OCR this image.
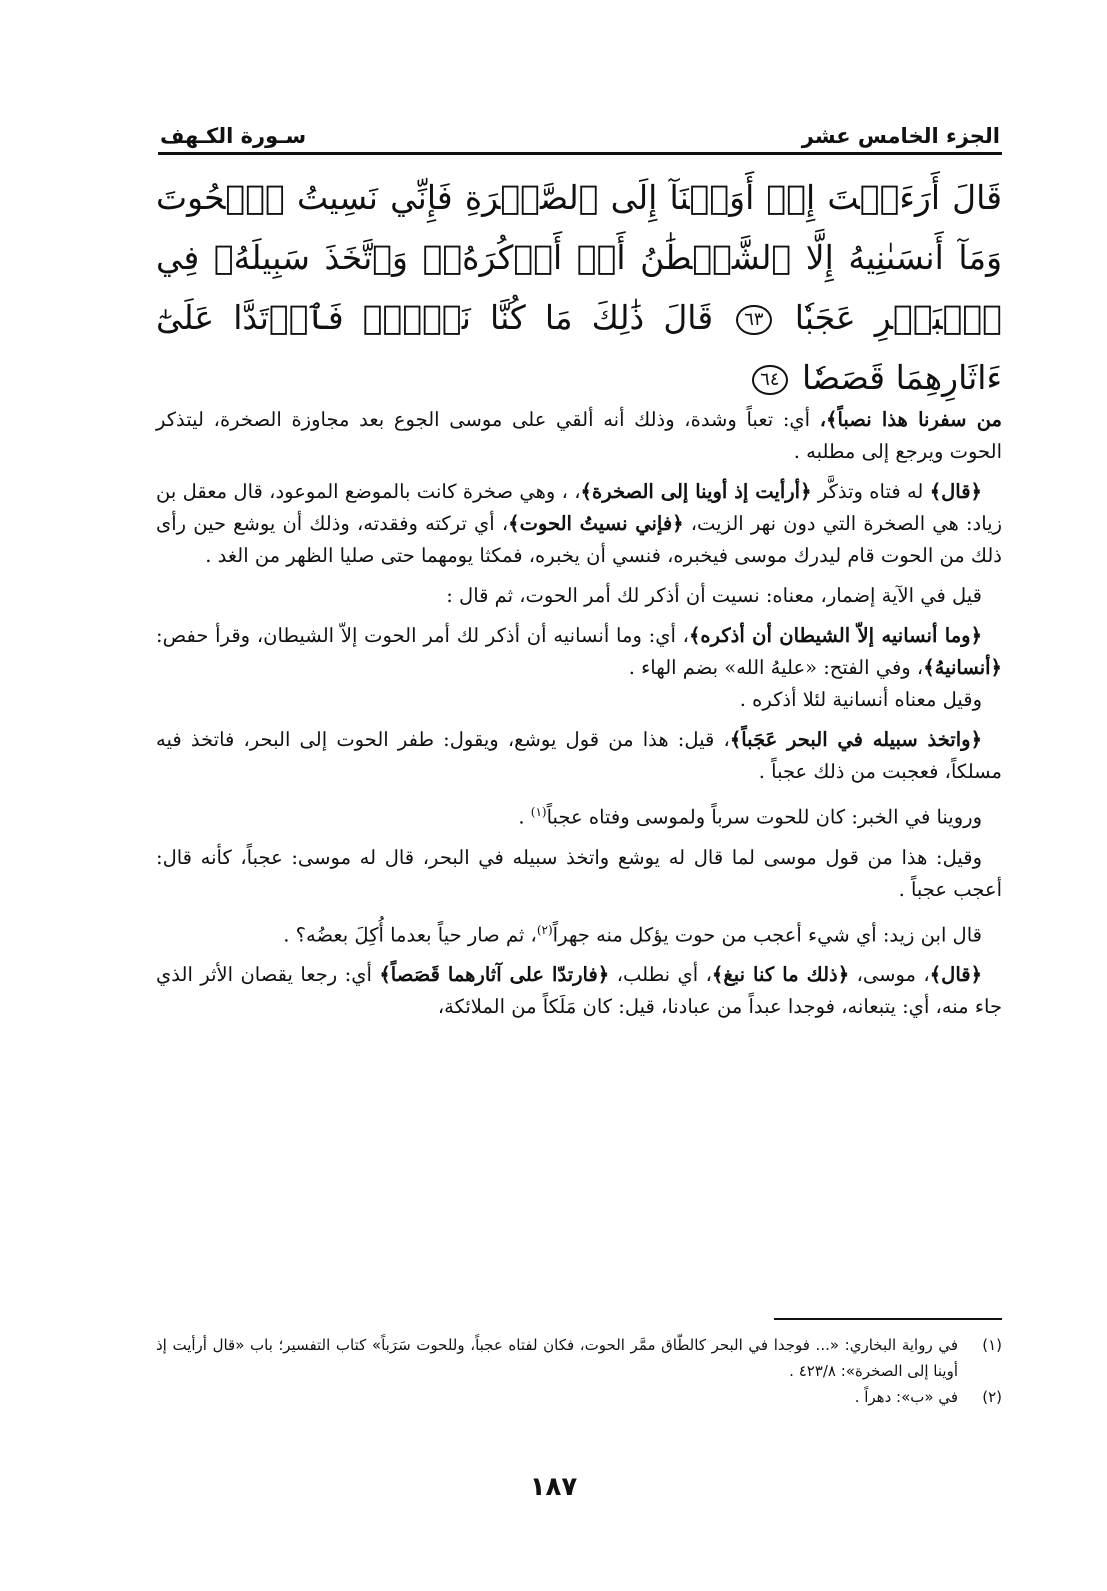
الجزء الخامس عشر
سـورة الكـهف
قَالَ أَرَءَيۡتَ إِذۡ أَوَيۡنَآ إِلَى ٱلصَّخۡرَةِ فَإِنِّي نَسِيتُ ٱلۡحُوتَ وَمَآ أَنسَىٰنِيهُ إِلَّا ٱلشَّيۡطَٰنُ أَنۡ أَذۡكُرَهُۥۚ وَٱتَّخَذَ سَبِيلَهُۥ فِي ٱلۡبَحۡرِ عَجَبٗا ٦٣ قَالَ ذَٰلِكَ مَا كُنَّا نَبۡغِۚ فَٱرۡتَدَّا عَلَىٰٓ ءَاثَارِهِمَا قَصَصٗا ٦٤

من سفرنا هذا نصباً﴾، أي: تعباً وشدة، وذلك أنه ألقي على موسى الجوع بعد مجاوزة الصخرة، ليتذكر الحوت ويرجع إلى مطلبه .

﴿قال﴾ له فتاه وتذكَّر ﴿أرأيت إذ أوينا إلى الصخرة﴾، ، وهي صخرة كانت بالموضع الموعود، قال معقل بن زياد: هي الصخرة التي دون نهر الزيت، ﴿فإني نسيتُ الحوت﴾، أي تركته وفقدته، وذلك أن يوشع حين رأى ذلك من الحوت قام ليدرك موسى فيخبره، فنسي أن يخبره، فمكثا يومهما حتى صليا الظهر من الغد .

قيل في الآية إضمار، معناه: نسيت أن أذكر لك أمر الحوت، ثم قال :

﴿وما أنسانيه إلاّ الشيطان أن أذكره﴾، أي: وما أنسانيه أن أذكر لك أمر الحوت إلاّ الشيطان، وقرأ حفص: ﴿أنسانيهُ﴾، وفي الفتح: «عليهُ الله» بضم الهاء .

وقيل معناه أنسانية لئلا أذكره .

﴿واتخذ سبيله في البحر عَجَباً﴾، قيل: هذا من قول يوشع، ويقول: طفر الحوت إلى البحر، فاتخذ فيه مسلكاً، فعجبت من ذلك عجباً .

وروينا في الخبر: كان للحوت سرباً ولموسى وفتاه عجباً$^{(١)}$ .

وقيل: هذا من قول موسى لما قال له يوشع واتخذ سبيله في البحر، قال له موسى: عجباً، كأنه قال: أعجب عجباً .

قال ابن زيد: أي شيء أعجب من حوت يؤكل منه جهراً$^{(٢)}$، ثم صار حياً بعدما أُكِلَ بعضُه؟ .

﴿قال﴾، موسى، ﴿ذلك ما كنا نبغ﴾، أي نطلب، ﴿فارتدّا على آثارهما قَصَصاً﴾ أي: رجعا يقصان الأثر الذي جاء منه، أي: يتبعانه، فوجدا عبداً من عبادنا، قيل: كان مَلَكاً من الملائكة،

(١)
في رواية البخاري: «... فوجدا في البحر كالطّاق ممَّر الحوت، فكان لفتاه عجباً، وللحوت سَرَباً» كتاب التفسير؛ باب «قال أرأيت إذ أوينا إلى الصخرة»: ٤٢٣/٨ .
(٢)
في «ب»: دهراً .
١٨٧
